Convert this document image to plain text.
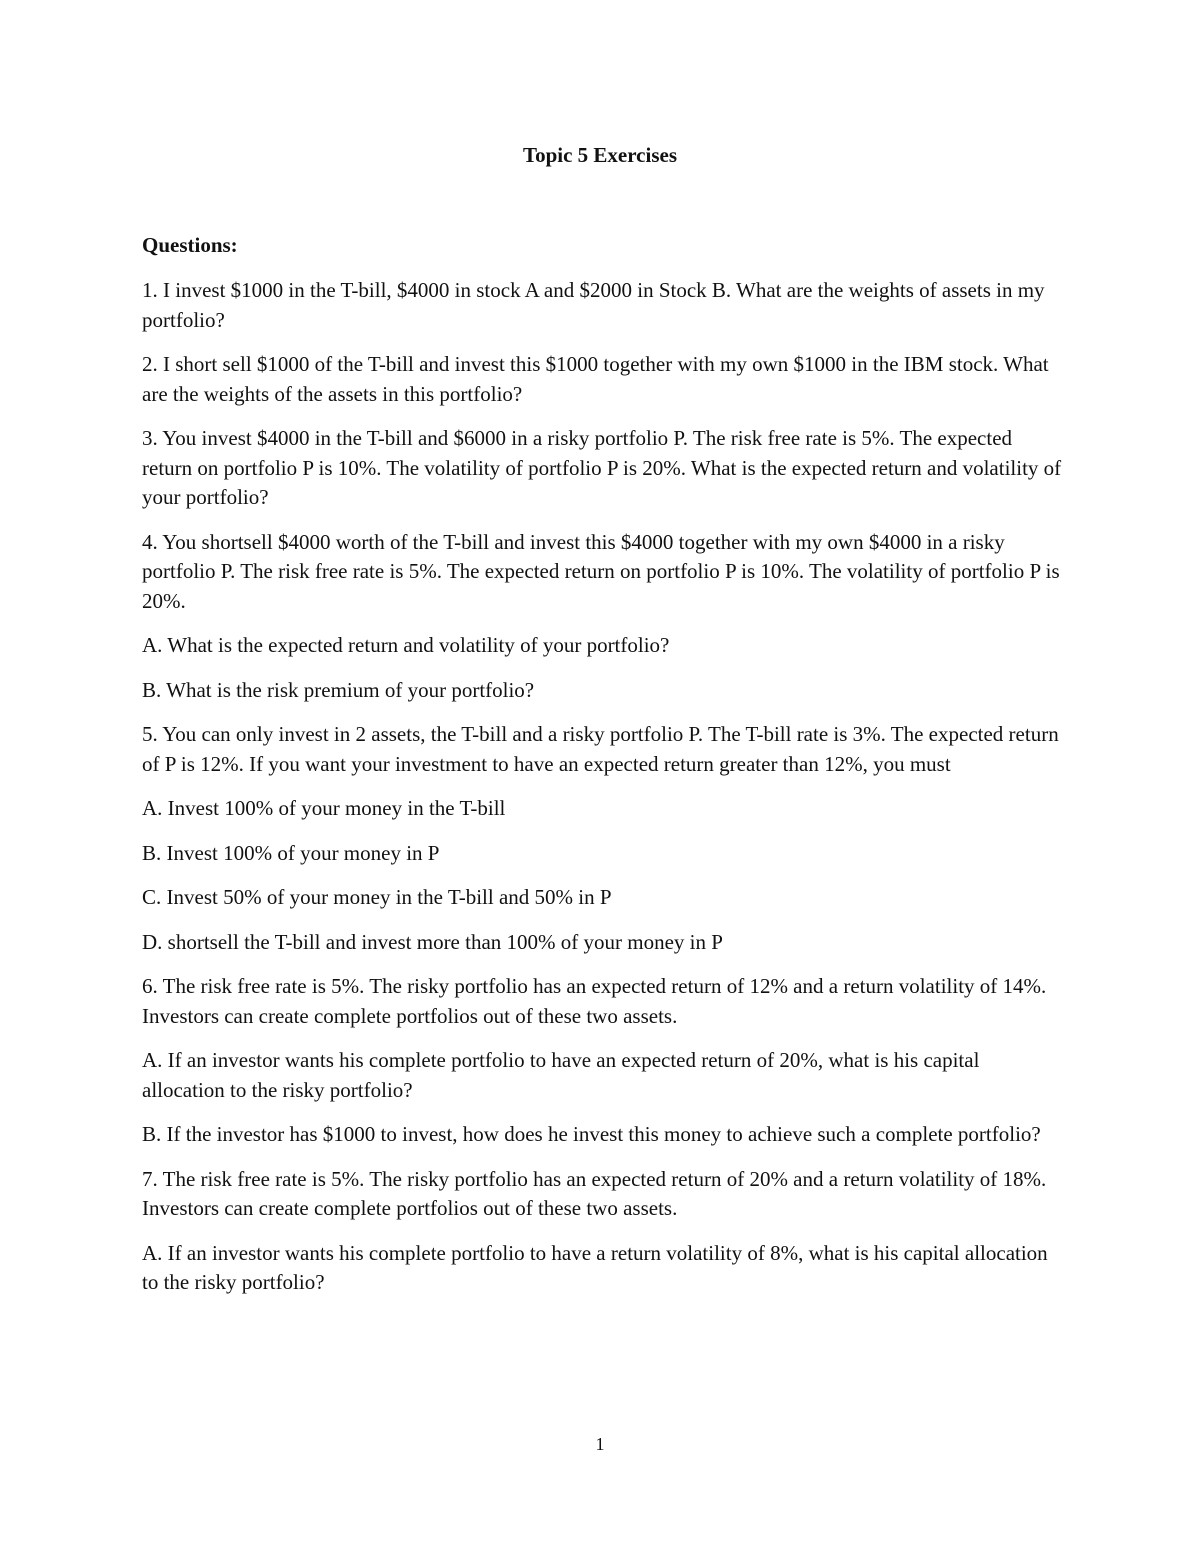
Topic 5 Exercises
Questions:

1. I invest $1000 in the T-bill, $4000 in stock A and $2000 in Stock B. What are the weights of assets in my portfolio?

2. I short sell $1000 of the T-bill and invest this $1000 together with my own $1000 in the IBM stock. What are the weights of the assets in this portfolio?

3. You invest $4000 in the T-bill and $6000 in a risky portfolio P. The risk free rate is 5%. The expected return on portfolio P is 10%. The volatility of portfolio P is 20%. What is the expected return and volatility of your portfolio?

4. You shortsell $4000 worth of the T-bill and invest this $4000 together with my own $4000 in a risky portfolio P. The risk free rate is 5%. The expected return on portfolio P is 10%. The volatility of portfolio P is 20%.

A. What is the expected return and volatility of your portfolio?

B. What is the risk premium of your portfolio?

5. You can only invest in 2 assets, the T-bill and a risky portfolio P. The T-bill rate is 3%. The expected return of P is 12%. If you want your investment to have an expected return greater than 12%, you must

A. Invest 100% of your money in the T-bill

B. Invest 100% of your money in P

C. Invest 50% of your money in the T-bill and 50% in P

D. shortsell the T-bill and invest more than 100% of your money in P

6. The risk free rate is 5%. The risky portfolio has an expected return of 12% and a return volatility of 14%. Investors can create complete portfolios out of these two assets.

A. If an investor wants his complete portfolio to have an expected return of 20%, what is his capital allocation to the risky portfolio?

B. If the investor has $1000 to invest, how does he invest this money to achieve such a complete portfolio?

7. The risk free rate is 5%. The risky portfolio has an expected return of 20% and a return volatility of 18%. Investors can create complete portfolios out of these two assets.

A. If an investor wants his complete portfolio to have a return volatility of 8%, what is his capital allocation to the risky portfolio?

1
